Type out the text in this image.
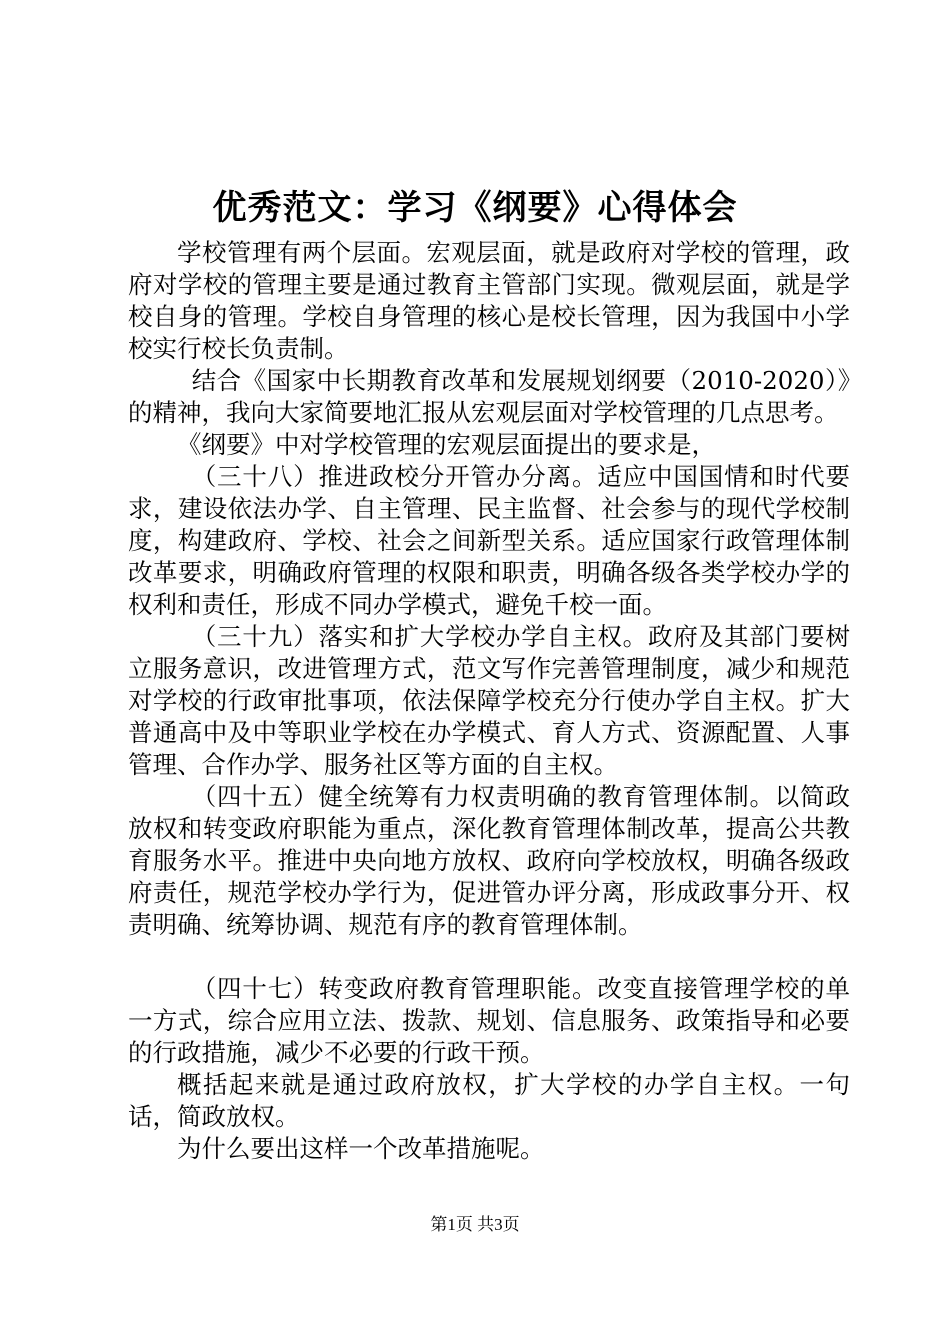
优秀范文：学习《纲要》心得体会

学校管理有两个层面。宏观层面，就是政府对学校的管理，政府对学校的管理主要是通过教育主管部门实现。微观层面，就是学校自身的管理。学校自身管理的核心是校长管理，因为我国中小学校实行校长负责制。

结合《国家中长期教育改革和发展规划纲要（2010-2020）》的精神，我向大家简要地汇报从宏观层面对学校管理的几点思考。

《纲要》中对学校管理的宏观层面提出的要求是，

（三十八）推进政校分开管办分离。适应中国国情和时代要求，建设依法办学、自主管理、民主监督、社会参与的现代学校制度，构建政府、学校、社会之间新型关系。适应国家行政管理体制改革要求，明确政府管理的权限和职责，明确各级各类学校办学的权利和责任，形成不同办学模式，避免千校一面。

（三十九）落实和扩大学校办学自主权。政府及其部门要树立服务意识，改进管理方式，范文写作完善管理制度，减少和规范对学校的行政审批事项，依法保障学校充分行使办学自主权。扩大普通高中及中等职业学校在办学模式、育人方式、资源配置、人事管理、合作办学、服务社区等方面的自主权。

（四十五）健全统筹有力权责明确的教育管理体制。以简政放权和转变政府职能为重点，深化教育管理体制改革，提高公共教育服务水平。推进中央向地方放权、政府向学校放权，明确各级政府责任，规范学校办学行为，促进管办评分离，形成政事分开、权责明确、统筹协调、规范有序的教育管理体制。

（四十七）转变政府教育管理职能。改变直接管理学校的单一方式，综合应用立法、拨款、规划、信息服务、政策指导和必要的行政措施，减少不必要的行政干预。

概括起来就是通过政府放权，扩大学校的办学自主权。一句话，简政放权。

为什么要出这样一个改革措施呢。

第1页 共3页
